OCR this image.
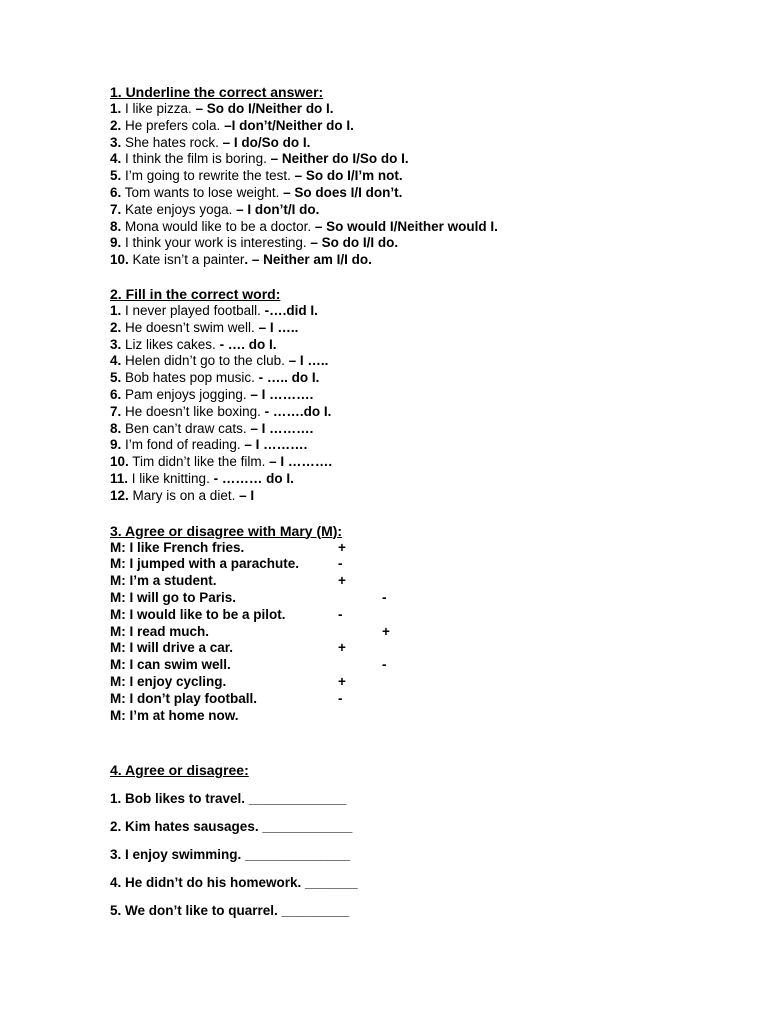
1. Underline the correct answer:
1. I like pizza. – So do I/Neither do I.
2. He prefers cola. –I don’t/Neither do I.
3. She hates rock. – I do/So do I.
4. I think the film is boring. – Neither do I/So do I.
5. I’m going to rewrite the test. – So do I/I’m not.
6. Tom wants to lose weight. – So does I/I don’t.
7. Kate enjoys yoga. – I don’t/I do.
8. Mona would like to be a doctor. – So would I/Neither would I.
9. I think your work is interesting. – So do I/I do.
10. Kate isn’t a painter. – Neither am I/I do.
2. Fill in the correct word:
1. I never played football. -….did I.
2. He doesn’t swim well. – I …..
3. Liz likes cakes. - …. do I.
4. Helen didn’t go to the club. – I …..
5. Bob hates pop music. - ….. do I.
6. Pam enjoys jogging. – I ……….
7. He doesn’t like boxing. - …….do I.
8. Ben can’t draw cats. – I ……….
9. I’m fond of reading. – I ……….
10. Tim didn’t like the film. – I ……….
11. I like knitting. - ……… do I.
12. Mary is on a diet. – I
3. Agree or disagree with Mary (M):
M: I like French fries.	+
M: I jumped with a parachute.	-
M: I’m a student.	+
M: I will go to Paris.	-
M: I would like to be a pilot.	-
M: I read much.	+
M: I will drive a car.	+
M: I can swim well.	-
M: I enjoy cycling.	+
M: I don’t play football.	-
M: I’m at home now.
4. Agree or disagree:
1. Bob likes to travel. _____________
2. Kim hates sausages. ____________
3. I enjoy swimming. ______________
4. He didn’t do his homework. _______
5. We don’t like to quarrel. _________
